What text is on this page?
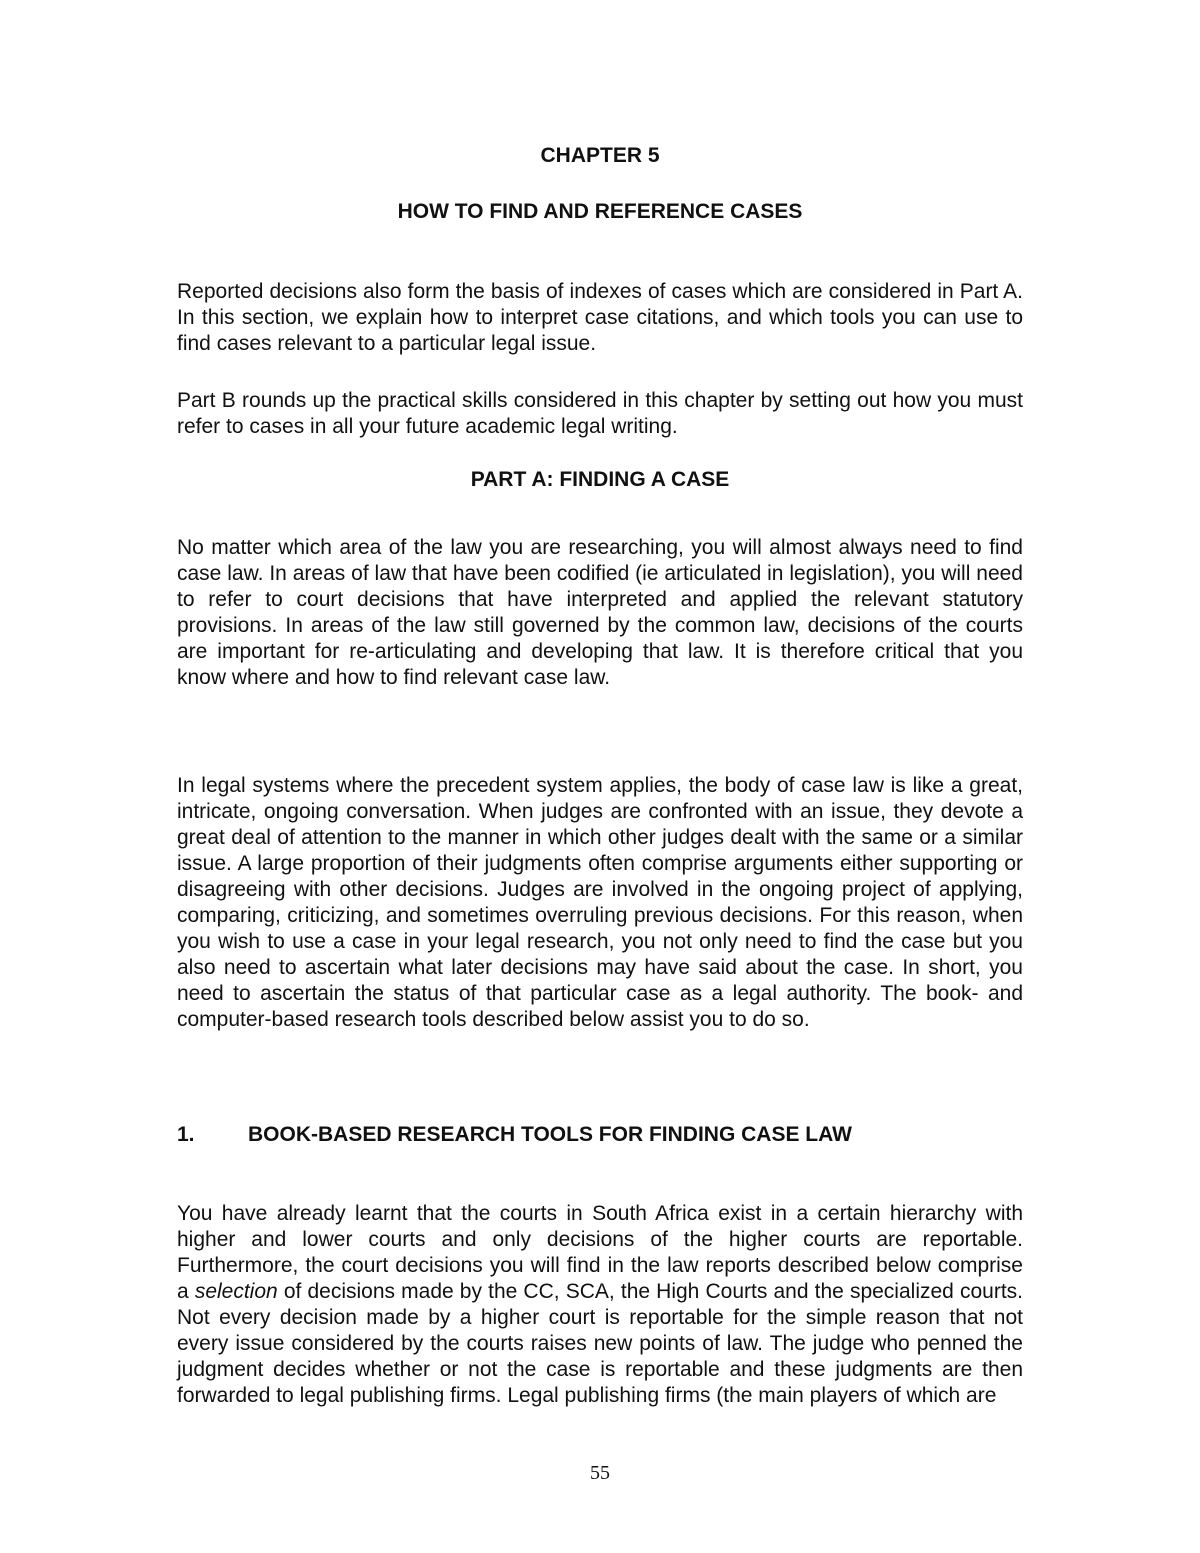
CHAPTER 5
HOW TO FIND AND REFERENCE CASES

Reported decisions also form the basis of indexes of cases which are considered in Part A. In this section, we explain how to interpret case citations, and which tools you can use to find cases relevant to a particular legal issue.

Part B rounds up the practical skills considered in this chapter by setting out how you must refer to cases in all your future academic legal writing.

PART A: FINDING A CASE

No matter which area of the law you are researching, you will almost always need to find case law. In areas of law that have been codified (ie articulated in legislation), you will need to refer to court decisions that have interpreted and applied the relevant statutory provisions. In areas of the law still governed by the common law, decisions of the courts are important for re-articulating and developing that law. It is therefore critical that you know where and how to find relevant case law.

In legal systems where the precedent system applies, the body of case law is like a great, intricate, ongoing conversation. When judges are confronted with an issue, they devote a great deal of attention to the manner in which other judges dealt with the same or a similar issue. A large proportion of their judgments often comprise arguments either supporting or disagreeing with other decisions. Judges are involved in the ongoing project of applying, comparing, criticizing, and sometimes overruling previous decisions. For this reason, when you wish to use a case in your legal research, you not only need to find the case but you also need to ascertain what later decisions may have said about the case. In short, you need to ascertain the status of that particular case as a legal authority. The book- and computer-based research tools described below assist you to do so.

1.	BOOK-BASED RESEARCH TOOLS FOR FINDING CASE LAW

You have already learnt that the courts in South Africa exist in a certain hierarchy with higher and lower courts and only decisions of the higher courts are reportable. Furthermore, the court decisions you will find in the law reports described below comprise a selection of decisions made by the CC, SCA, the High Courts and the specialized courts. Not every decision made by a higher court is reportable for the simple reason that not every issue considered by the courts raises new points of law. The judge who penned the judgment decides whether or not the case is reportable and these judgments are then forwarded to legal publishing firms. Legal publishing firms (the main players of which are

55
